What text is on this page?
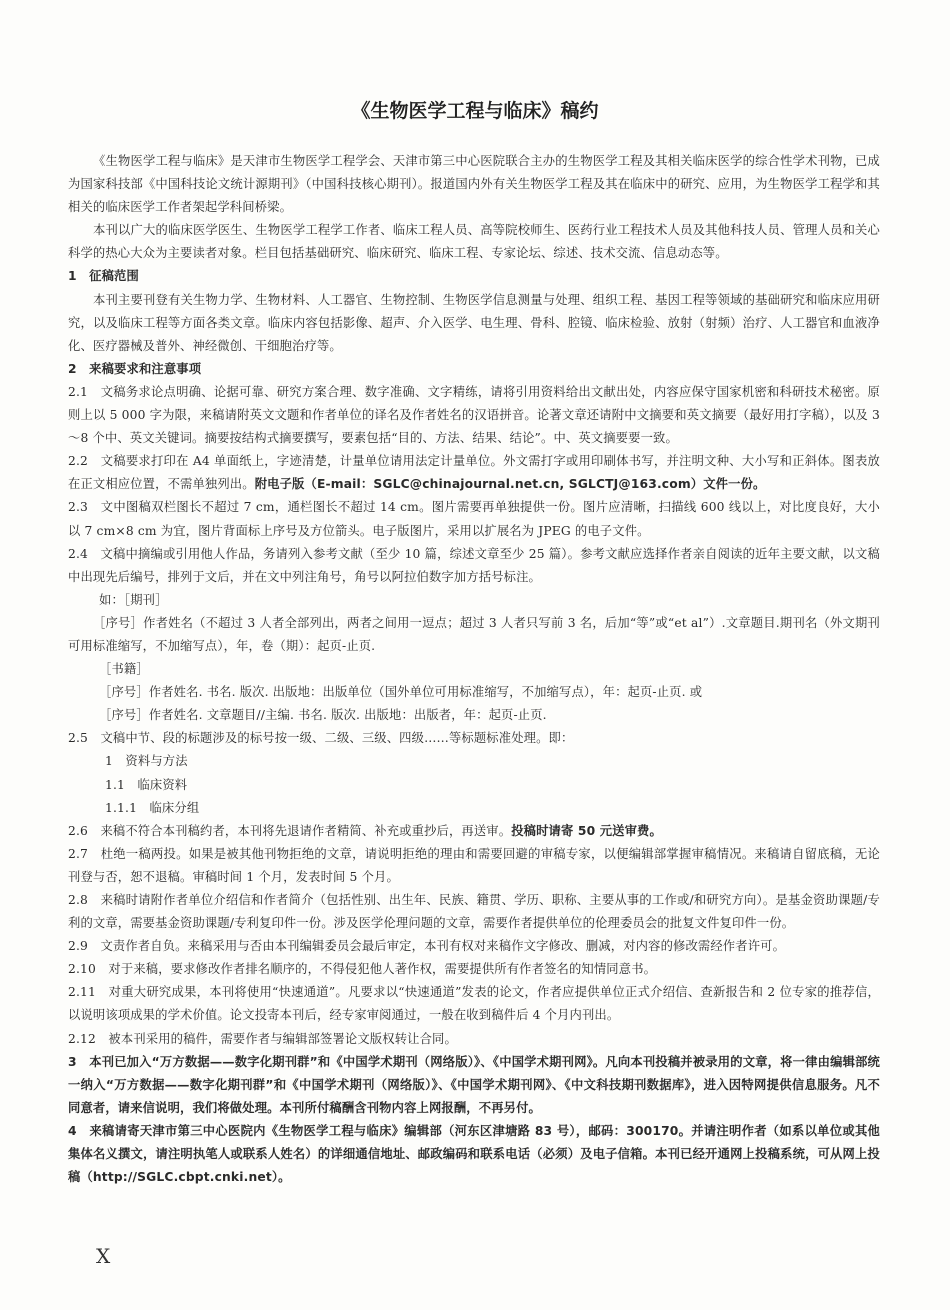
《生物医学工程与临床》稿约

《生物医学工程与临床》是天津市生物医学工程学会、天津市第三中心医院联合主办的生物医学工程及其相关临床医学的综合性学术刊物，已成为国家科技部《中国科技论文统计源期刊》（中国科技核心期刊）。报道国内外有关生物医学工程及其在临床中的研究、应用，为生物医学工程学和其相关的临床医学工作者架起学科间桥梁。

本刊以广大的临床医学医生、生物医学工程学工作者、临床工程人员、高等院校师生、医药行业工程技术人员及其他科技人员、管理人员和关心科学的热心大众为主要读者对象。栏目包括基础研究、临床研究、临床工程、专家论坛、综述、技术交流、信息动态等。

1　征稿范围

本刊主要刊登有关生物力学、生物材料、人工器官、生物控制、生物医学信息测量与处理、组织工程、基因工程等领域的基础研究和临床应用研究，以及临床工程等方面各类文章。临床内容包括影像、超声、介入医学、电生理、骨科、腔镜、临床检验、放射（射频）治疗、人工器官和血液净化、医疗器械及普外、神经微创、干细胞治疗等。

2　来稿要求和注意事项

2.1　文稿务求论点明确、论据可靠、研究方案合理、数字准确、文字精练，请将引用资料给出文献出处，内容应保守国家机密和科研技术秘密。原则上以 5 000 字为限，来稿请附英文文题和作者单位的译名及作者姓名的汉语拼音。论著文章还请附中文摘要和英文摘要（最好用打字稿），以及 3～8 个中、英文关键词。摘要按结构式摘要撰写，要素包括“目的、方法、结果、结论”。中、英文摘要要一致。

2.2　文稿要求打印在 A4 单面纸上，字迹清楚，计量单位请用法定计量单位。外文需打字或用印刷体书写，并注明文种、大小写和正斜体。图表放在正文相应位置，不需单独列出。附电子版（E-mail：SGLC@chinajournal.net.cn, SGLCTJ@163.com）文件一份。

2.3　文中图稿双栏图长不超过 7 cm，通栏图长不超过 14 cm。图片需要再单独提供一份。图片应清晰，扫描线 600 线以上，对比度良好，大小以 7 cm×8 cm 为宜，图片背面标上序号及方位箭头。电子版图片，采用以扩展名为 JPEG 的电子文件。

2.4　文稿中摘编或引用他人作品，务请列入参考文献（至少 10 篇，综述文章至少 25 篇）。参考文献应选择作者亲自阅读的近年主要文献，以文稿中出现先后编号，排列于文后，并在文中列注角号，角号以阿拉伯数字加方括号标注。

如：［期刊］

［序号］作者姓名（不超过 3 人者全部列出，两者之间用一逗点；超过 3 人者只写前 3 名，后加“等”或“et al”）.文章题目.期刊名（外文期刊可用标准缩写，不加缩写点），年，卷（期）：起页-止页.

［书籍］

［序号］作者姓名. 书名. 版次. 出版地：出版单位（国外单位可用标准缩写，不加缩写点），年：起页-止页. 或

［序号］作者姓名. 文章题目//主编. 书名. 版次. 出版地：出版者，年：起页-止页.

2.5　文稿中节、段的标题涉及的标号按一级、二级、三级、四级……等标题标准处理。即：

1　资料与方法

1.1　临床资料

1.1.1　临床分组

2.6　来稿不符合本刊稿约者，本刊将先退请作者精简、补充或重抄后，再送审。投稿时请寄 50 元送审费。

2.7　杜绝一稿两投。如果是被其他刊物拒绝的文章，请说明拒绝的理由和需要回避的审稿专家，以便编辑部掌握审稿情况。来稿请自留底稿，无论刊登与否，恕不退稿。审稿时间 1 个月，发表时间 5 个月。

2.8　来稿时请附作者单位介绍信和作者简介（包括性别、出生年、民族、籍贯、学历、职称、主要从事的工作或/和研究方向）。是基金资助课题/专利的文章，需要基金资助课题/专利复印件一份。涉及医学伦理问题的文章，需要作者提供单位的伦理委员会的批复文件复印件一份。

2.9　文责作者自负。来稿采用与否由本刊编辑委员会最后审定，本刊有权对来稿作文字修改、删减，对内容的修改需经作者许可。

2.10　对于来稿，要求修改作者排名顺序的，不得侵犯他人著作权，需要提供所有作者签名的知情同意书。

2.11　对重大研究成果，本刊将使用“快速通道”。凡要求以“快速通道”发表的论文，作者应提供单位正式介绍信、查新报告和 2 位专家的推荐信，以说明该项成果的学术价值。论文投寄本刊后，经专家审阅通过，一般在收到稿件后 4 个月内刊出。

2.12　被本刊采用的稿件，需要作者与编辑部签署论文版权转让合同。

3　本刊已加入“万方数据——数字化期刊群”和《中国学术期刊（网络版）》、《中国学术期刊网》。凡向本刊投稿并被录用的文章，将一律由编辑部统一纳入“万方数据——数字化期刊群”和《中国学术期刊（网络版）》、《中国学术期刊网》、《中文科技期刊数据库》，进入因特网提供信息服务。凡不同意者，请来信说明，我们将做处理。本刊所付稿酬含刊物内容上网报酬，不再另付。

4　来稿请寄天津市第三中心医院内《生物医学工程与临床》编辑部（河东区津塘路 83 号），邮码：300170。并请注明作者（如系以单位或其他集体名义撰文，请注明执笔人或联系人姓名）的详细通信地址、邮政编码和联系电话（必须）及电子信箱。本刊已经开通网上投稿系统，可从网上投稿（http://SGLC.cbpt.cnki.net）。

X
